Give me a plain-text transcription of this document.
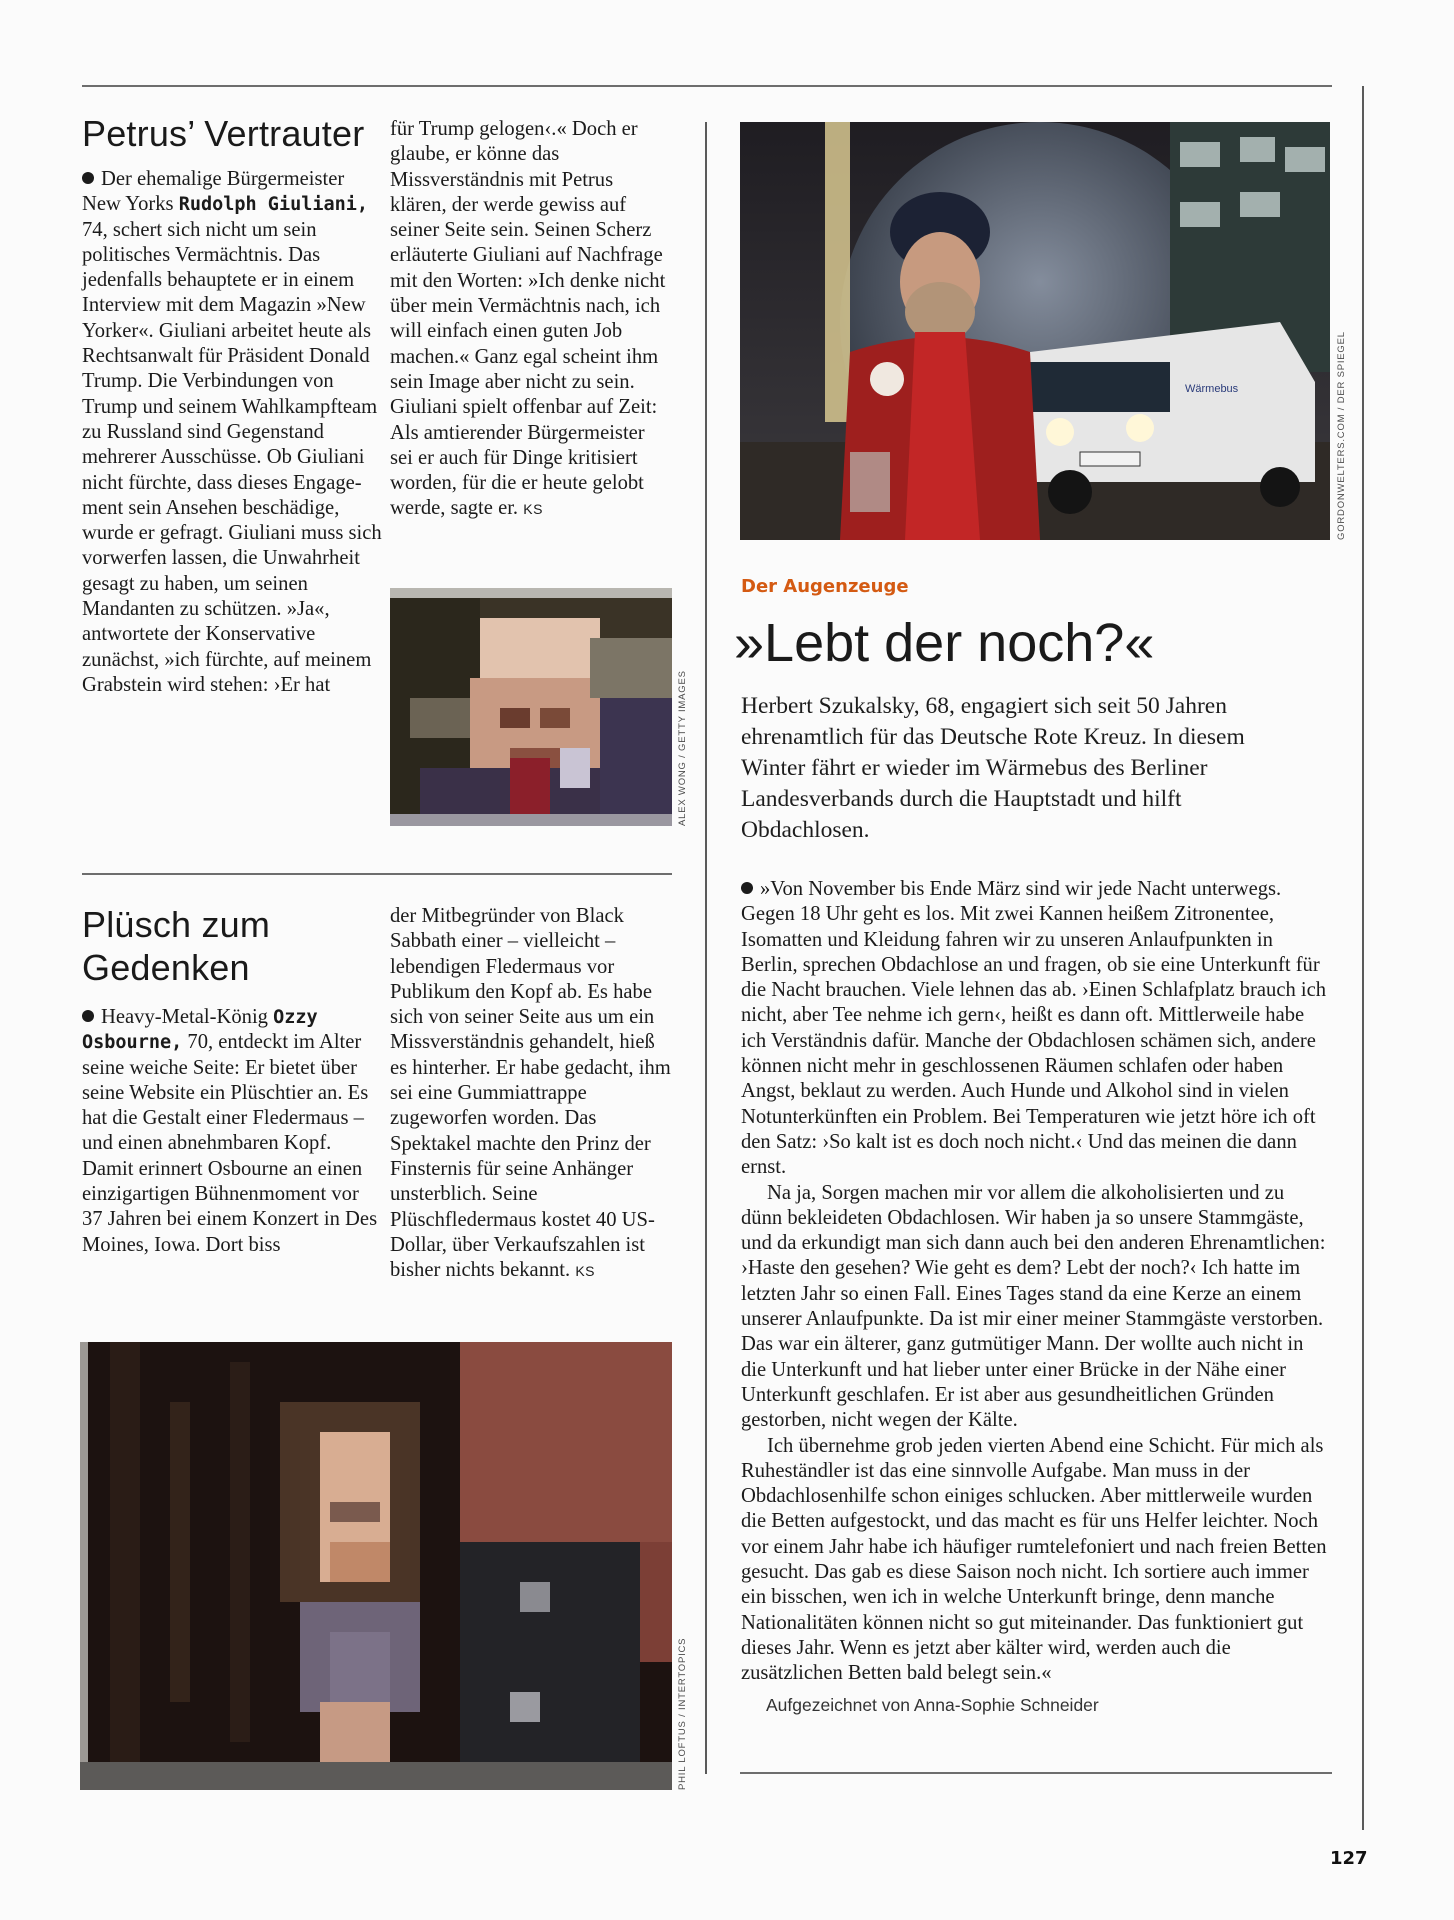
Petrus’ Vertrauter

Der ehemalige Bürgermeister New Yorks Rudolph Giuliani, 74, schert sich nicht um sein politisches Vermächtnis. Das jedenfalls behauptete er in einem Interview mit dem Magazin »New Yorker«. Giuliani arbeitet heute als Rechtsanwalt für Präsident Donald Trump. Die Verbindungen von Trump und seinem Wahlkampfteam zu Russland sind Gegenstand mehrerer Ausschüsse. Ob Giuliani nicht fürchte, dass dieses Engagement sein Ansehen beschädige, wurde er gefragt. Giuliani muss sich vorwerfen lassen, die Unwahrheit gesagt zu haben, um seinen Mandanten zu schützen. »Ja«, antwortete der Konservative zunächst, »ich fürchte, auf meinem Grabstein wird stehen: ›Er hat

für Trump gelogen‹.« Doch er glaube, er könne das Missverständnis mit Petrus klären, der werde gewiss auf seiner Seite sein. Seinen Scherz erläuterte Giuliani auf Nachfrage mit den Worten: »Ich denke nicht über mein Vermächtnis nach, ich will einfach einen guten Job machen.« Ganz egal scheint ihm sein Image aber nicht zu sein. Giuliani spielt offenbar auf Zeit: Als amtierender Bürgermeister sei er auch für Dinge kritisiert worden, für die er heute gelobt werde, sagte er. KS

ALEX WONG / GETTY IMAGES
Plüsch zum
Gedenken

Heavy-Metal-König Ozzy Osbourne, 70, entdeckt im Alter seine weiche Seite: Er bietet über seine Website ein Plüschtier an. Es hat die Gestalt einer Fledermaus – und einen abnehmbaren Kopf. Damit erinnert Osbourne an einen einzigartigen Bühnenmoment vor 37 Jahren bei einem Konzert in Des Moines, Iowa. Dort biss

der Mitbegründer von Black Sabbath einer – vielleicht – lebendigen Fledermaus vor Publikum den Kopf ab. Es habe sich von seiner Seite aus um ein Missverständnis gehandelt, hieß es hinterher. Er habe gedacht, ihm sei eine Gummiattrappe zugeworfen worden. Das Spektakel machte den Prinz der Finsternis für seine Anhänger unsterblich. Seine Plüschfledermaus kostet 40 US-Dollar, über Verkaufszahlen ist bisher nichts bekannt. KS

PHIL LOFTUS / INTERTOPICS
Wärmebus	GORDONWELTERS.COM / DER SPIEGEL
Der Augenzeuge
»Lebt der noch?«

Herbert Szukalsky, 68, engagiert sich seit 50 Jahren ehrenamtlich für das Deutsche Rote Kreuz. In diesem Winter fährt er wieder im Wärmebus des Berliner Landesverbands durch die Hauptstadt und hilft Obdachlosen.

»Von November bis Ende März sind wir jede Nacht unterwegs. Gegen 18 Uhr geht es los. Mit zwei Kannen heißem Zitronentee, Isomatten und Kleidung fahren wir zu unseren Anlaufpunkten in Berlin, sprechen Obdachlose an und fragen, ob sie eine Unterkunft für die Nacht brauchen. Viele lehnen das ab. ›Einen Schlafplatz brauch ich nicht, aber Tee nehme ich gern‹, heißt es dann oft. Mittlerweile habe ich Verständnis dafür. Manche der Obdachlosen schämen sich, andere können nicht mehr in geschlossenen Räumen schlafen oder haben Angst, beklaut zu werden. Auch Hunde und Alkohol sind in vielen Notunterkünften ein Problem. Bei Temperaturen wie jetzt höre ich oft den Satz: ›So kalt ist es doch noch nicht.‹ Und das meinen die dann ernst.

Na ja, Sorgen machen mir vor allem die alkoholisierten und zu dünn bekleideten Obdachlosen. Wir haben ja so unsere Stammgäste, und da erkundigt man sich dann auch bei den anderen Ehrenamtlichen: ›Haste den gesehen? Wie geht es dem? Lebt der noch?‹ Ich hatte im letzten Jahr so einen Fall. Eines Tages stand da eine Kerze an einem unserer Anlaufpunkte. Da ist mir einer meiner Stammgäste verstorben. Das war ein älterer, ganz gutmütiger Mann. Der wollte auch nicht in die Unterkunft und hat lieber unter einer Brücke in der Nähe einer Unterkunft geschlafen. Er ist aber aus gesundheitlichen Gründen gestorben, nicht wegen der Kälte.

Ich übernehme grob jeden vierten Abend eine Schicht. Für mich als Ruheständler ist das eine sinnvolle Aufgabe. Man muss in der Obdachlosenhilfe schon einiges schlucken. Aber mittlerweile wurden die Betten aufgestockt, und das macht es für uns Helfer leichter. Noch vor einem Jahr habe ich häufiger rumtelefoniert und nach freien Betten gesucht. Das gab es diese Saison noch nicht. Ich sortiere auch immer ein bisschen, wen ich in welche Unterkunft bringe, denn manche Nationalitäten können nicht so gut miteinander. Das funktioniert gut dieses Jahr. Wenn es jetzt aber kälter wird, werden auch die zusätzlichen Betten bald belegt sein.«

Aufgezeichnet von Anna-Sophie Schneider
127
